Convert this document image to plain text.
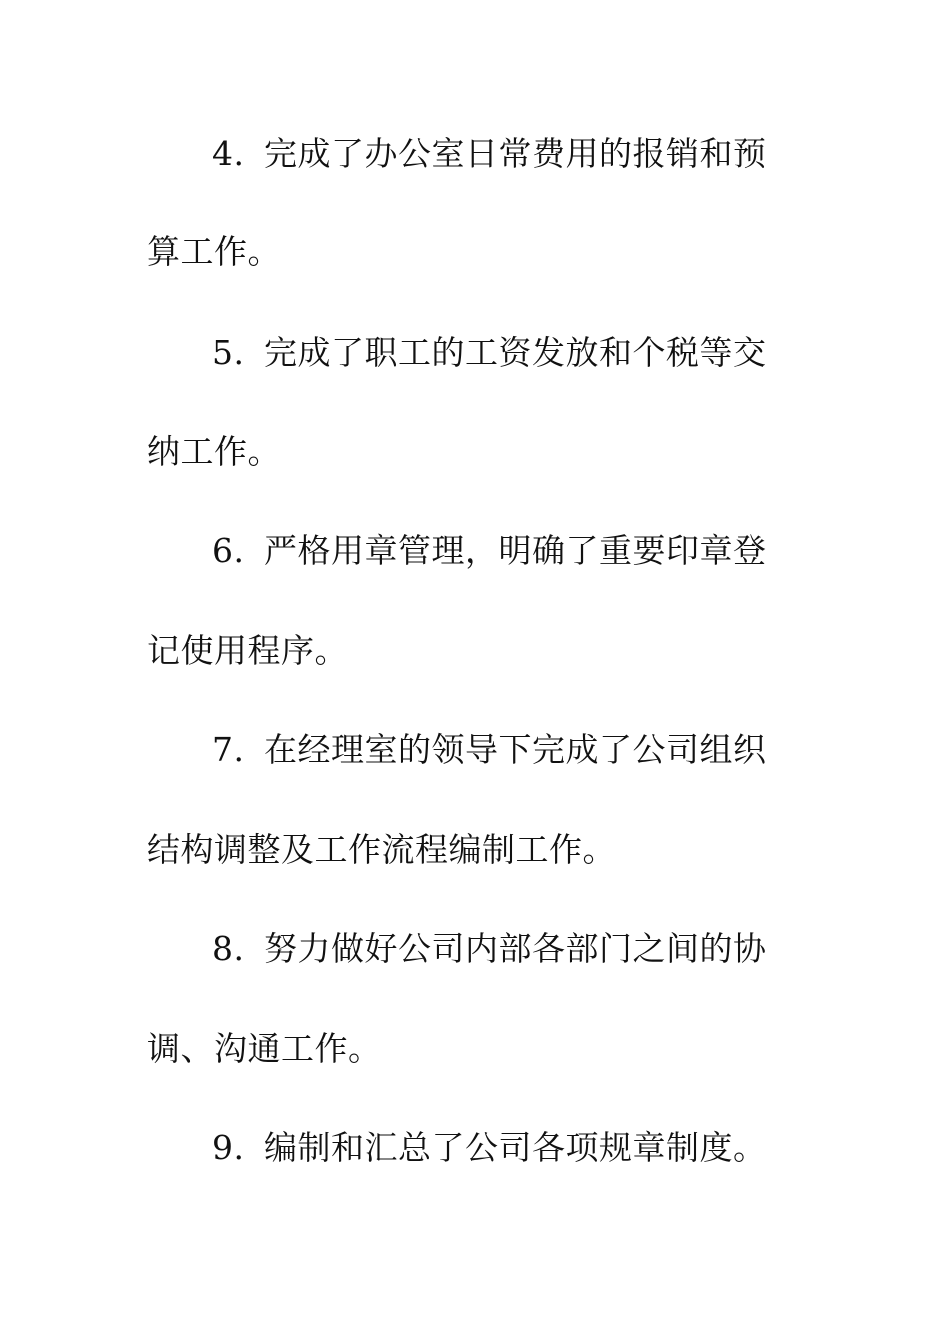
4. 完成了办公室日常费用的报销和预
算工作。
5. 完成了职工的工资发放和个税等交
纳工作。
6. 严格用章管理，明确了重要印章登
记使用程序。
7. 在经理室的领导下完成了公司组织
结构调整及工作流程编制工作。
8. 努力做好公司内部各部门之间的协
调、沟通工作。
9. 编制和汇总了公司各项规章制度。
